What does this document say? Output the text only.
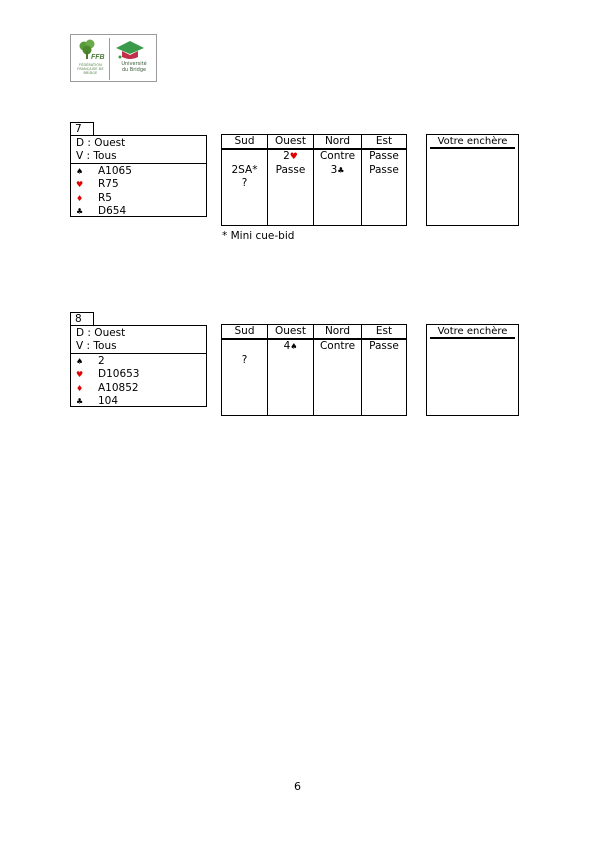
FFB
FÉDÉRATION FRANÇAISE DE BRIDGE
Université
du Bridge
7
D : Ouest
V : Tous
♠ A1065
♥ R75
♦ R5
♣ D654
Sud
2SA*
?
Ouest
2♥
Passe
Nord
Contre
3♣
Est
Passe
Passe
Votre enchère
* Mini cue-bid
8
D : Ouest
V : Tous
♠ 2
♥ D10653
♦ A10852
♣ 104
Sud
?
Ouest
4♠
Nord
Contre
Est
Passe
Votre enchère
6
